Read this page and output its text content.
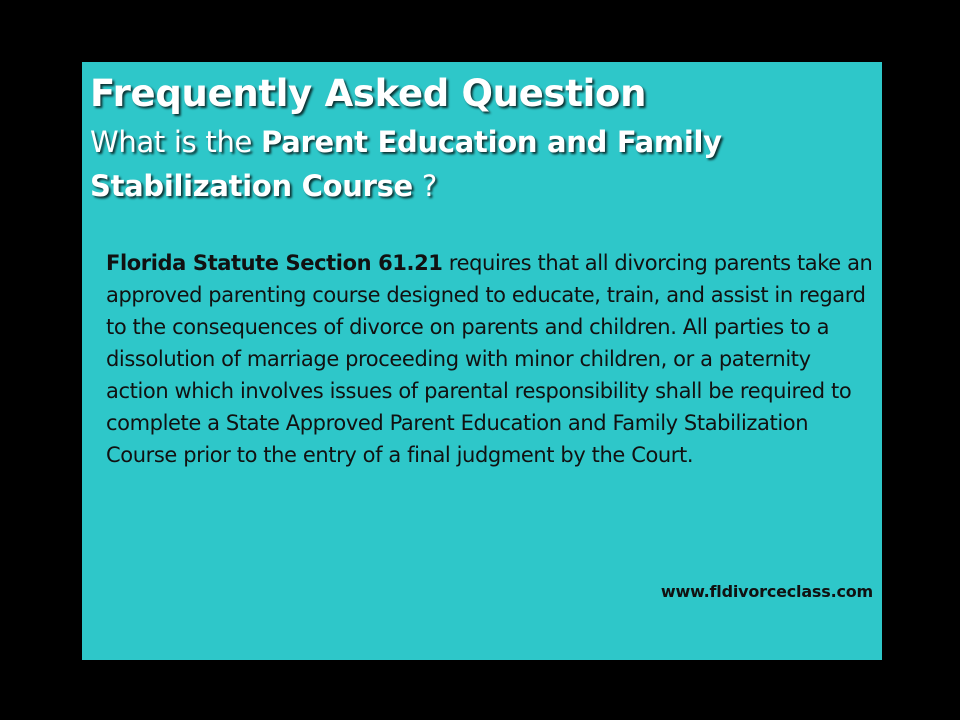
Frequently Asked Question

What is the Parent Education and Family Stabilization Course ?

Florida Statute Section 61.21 requires that all divorcing parents take an approved parenting course designed to educate, train, and assist in regard to the consequences of divorce on parents and children. All parties to a dissolution of marriage proceeding with minor children, or a paternity action which involves issues of parental responsibility shall be required to complete a State Approved Parent Education and Family Stabilization Course prior to the entry of a final judgment by the Court.

www.fldivorceclass.com
